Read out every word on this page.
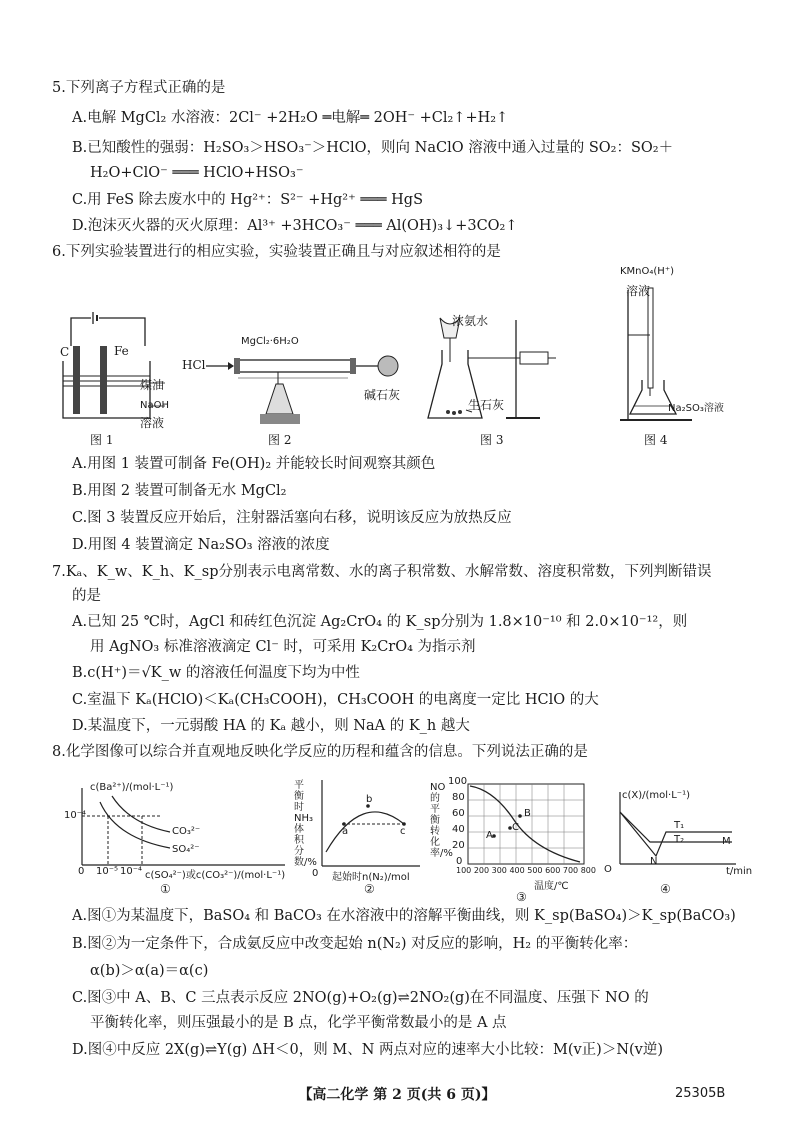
5.下列离子方程式正确的是
A.电解 MgCl₂ 水溶液：2Cl⁻ +2H₂O ═电解═ 2OH⁻ +Cl₂↑+H₂↑
B.已知酸性的强弱：H₂SO₃＞HSO₃⁻＞HClO，则向 NaClO 溶液中通入过量的 SO₂：SO₂＋
H₂O+ClO⁻ ═══ HClO+HSO₃⁻
C.用 FeS 除去废水中的 Hg²⁺：S²⁻ +Hg²⁺ ═══ HgS
D.泡沫灭火器的灭火原理：Al³⁺ +3HCO₃⁻ ═══ Al(OH)₃↓+3CO₂↑
6.下列实验装置进行的相应实验，实验装置正确且与对应叙述相符的是
C	Fe
煤油
NaOH
溶液
图 1
HCl
MgCl₂·6H₂O
碱石灰
图 2
浓氨水
生石灰
图 3
KMnO₄(H⁺)
溶液
Na₂SO₃溶液
图 4
A.用图 1 装置可制备 Fe(OH)₂ 并能较长时间观察其颜色
B.用图 2 装置可制备无水 MgCl₂
C.图 3 装置反应开始后，注射器活塞向右移，说明该反应为放热反应
D.用图 4 装置滴定 Na₂SO₃ 溶液的浓度
7.Kₐ、K_w、K_h、K_sp分别表示电离常数、水的离子积常数、水解常数、溶度积常数，下列判断错误
的是
A.已知 25 ℃时，AgCl 和砖红色沉淀 Ag₂CrO₄ 的 K_sp分别为 1.8×10⁻¹⁰ 和 2.0×10⁻¹²，则
用 AgNO₃ 标准溶液滴定 Cl⁻ 时，可采用 K₂CrO₄ 为指示剂
B.c(H⁺)＝√K_w 的溶液任何温度下均为中性
C.室温下 Kₐ(HClO)＜Kₐ(CH₃COOH)，CH₃COOH 的电离度一定比 HClO 的大
D.某温度下，一元弱酸 HA 的 Kₐ 越小，则 NaA 的 K_h 越大
8.化学图像可以综合并直观地反映化学反应的历程和蕴含的信息。下列说法正确的是
c(Ba²⁺)/(mol·L⁻¹)
10⁻⁴
CO₃²⁻
SO₄²⁻
0 10⁻⁵ 10⁻⁴ c(SO₄²⁻)或c(CO₃²⁻)/(mol·L⁻¹)
①
平衡时NH₃体积分数/%
a
b
c
0 起始时n(N₂)/mol
②
NO的平衡转化率/%
100
80
60
40
20
0
A
B
C
100 200 300 400 500 600 700 800
温度/℃
③
c(X)/(mol·L⁻¹)
T₁
T₂	M
N
O	t/min
④
A.图①为某温度下，BaSO₄ 和 BaCO₃ 在水溶液中的溶解平衡曲线，则 K_sp(BaSO₄)＞K_sp(BaCO₃)
B.图②为一定条件下，合成氨反应中改变起始 n(N₂) 对反应的影响，H₂ 的平衡转化率：
α(b)＞α(a)＝α(c)
C.图③中 A、B、C 三点表示反应 2NO(g)+O₂(g)⇌2NO₂(g)在不同温度、压强下 NO 的
平衡转化率，则压强最小的是 B 点，化学平衡常数最小的是 A 点
D.图④中反应 2X(g)⇌Y(g) ΔH＜0，则 M、N 两点对应的速率大小比较：M(v正)＞N(v逆)
【高二化学 第 2 页(共 6 页)】	25305B
